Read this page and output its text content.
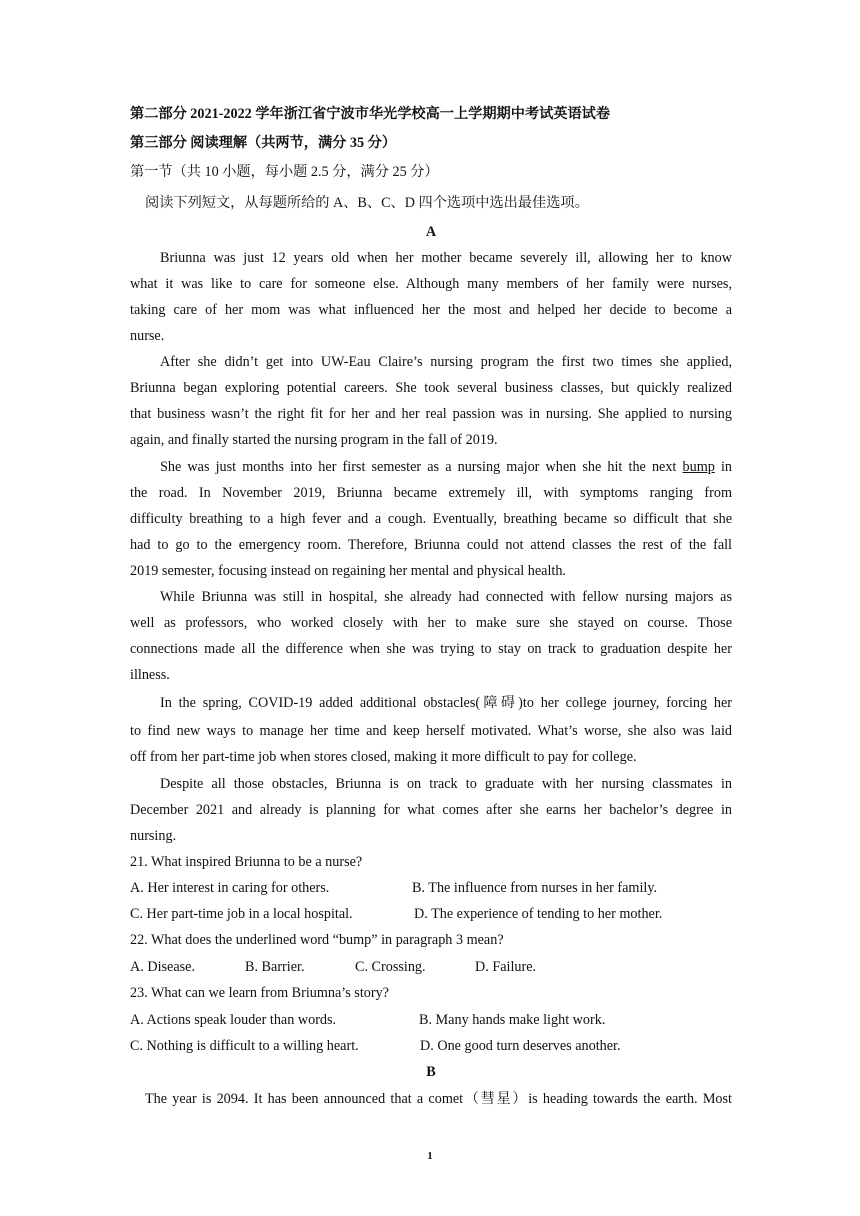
第二部分 2021-2022 学年浙江省宁波市华光学校高一上学期期中考试英语试卷
第三部分 阅读理解（共两节，满分 35 分）
第一节（共 10 小题，每小题 2.5 分，满分 25 分）
阅读下列短文，从每题所给的 A、B、C、D 四个选项中选出最佳选项。
A
Briunna was just 12 years old when her mother became severely ill, allowing her to know
what it was like to care for someone else. Although many members of her family were nurses,
taking care of her mom was what influenced her the most and helped her decide to become a
nurse.
After she didn’t get into UW-Eau Claire’s nursing program the first two times she applied,
Briunna began exploring potential careers. She took several business classes, but quickly realized
that business wasn’t the right fit for her and her real passion was in nursing. She applied to nursing
again, and finally started the nursing program in the fall of 2019.
She was just months into her first semester as a nursing major when she hit the next bump in
the road. In November 2019, Briunna became extremely ill, with symptoms ranging from
difficulty breathing to a high fever and a cough. Eventually, breathing became so difficult that she
had to go to the emergency room. Therefore, Briunna could not attend classes the rest of the fall
2019 semester, focusing instead on regaining her mental and physical health.
While Briunna was still in hospital, she already had connected with fellow nursing majors as
well as professors, who worked closely with her to make sure she stayed on course. Those
connections made all the difference when she was trying to stay on track to graduation despite her
illness.
In the spring, COVID-19 added additional obstacles(障碍)to her college journey, forcing her
to find new ways to manage her time and keep herself motivated. What’s worse, she also was laid
off from her part-time job when stores closed, making it more difficult to pay for college.
Despite all those obstacles, Briunna is on track to graduate with her nursing classmates in
December 2021 and already is planning for what comes after she earns her bachelor’s degree in
nursing.
21. What inspired Briunna to be a nurse?
A. Her interest in caring for others.	B. The influence from nurses in her family.
C. Her part-time job in a local hospital.	D. The experience of tending to her mother.
22. What does the underlined word “bump” in paragraph 3 mean?
A. Disease.	B. Barrier.	C. Crossing.	D. Failure.
23. What can we learn from Briumna’s story?
A. Actions speak louder than words.	B. Many hands make light work.
C. Nothing is difficult to a willing heart.	D. One good turn deserves another.
B
The year is 2094. It has been announced that a comet（彗星）is heading towards the earth. Most
1
